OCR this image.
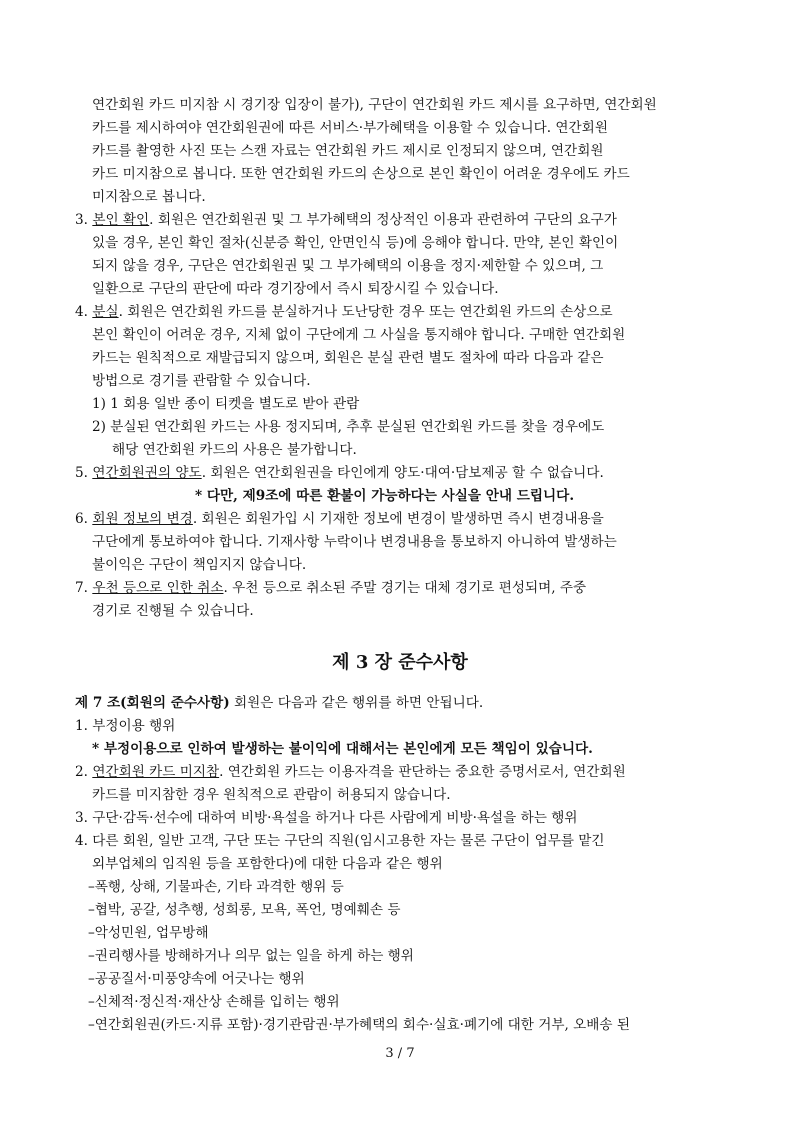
연간회원 카드 미지참 시 경기장 입장이 불가), 구단이 연간회원 카드 제시를 요구하면, 연간회원
카드를 제시하여야 연간회원권에 따른 서비스·부가혜택을 이용할 수 있습니다. 연간회원
카드를 촬영한 사진 또는 스캔 자료는 연간회원 카드 제시로 인정되지 않으며, 연간회원
카드 미지참으로 봅니다. 또한 연간회원 카드의 손상으로 본인 확인이 어려운 경우에도 카드
미지참으로 봅니다.
3. 본인 확인. 회원은 연간회원권 및 그 부가혜택의 정상적인 이용과 관련하여 구단의 요구가
있을 경우, 본인 확인 절차(신분증 확인, 안면인식 등)에 응해야 합니다. 만약, 본인 확인이
되지 않을 경우, 구단은 연간회원권 및 그 부가혜택의 이용을 정지·제한할 수 있으며, 그
일환으로 구단의 판단에 따라 경기장에서 즉시 퇴장시킬 수 있습니다.
4. 분실. 회원은 연간회원 카드를 분실하거나 도난당한 경우 또는 연간회원 카드의 손상으로
본인 확인이 어려운 경우, 지체 없이 구단에게 그 사실을 통지해야 합니다. 구매한 연간회원
카드는 원칙적으로 재발급되지 않으며, 회원은 분실 관련 별도 절차에 따라 다음과 같은
방법으로 경기를 관람할 수 있습니다.
1) 1 회용 일반 종이 티켓을 별도로 받아 관람
2) 분실된 연간회원 카드는 사용 정지되며, 추후 분실된 연간회원 카드를 찾을 경우에도
해당 연간회원 카드의 사용은 불가합니다.
5. 연간회원권의 양도. 회원은 연간회원권을 타인에게 양도·대여·담보제공 할 수 없습니다.
* 다만, 제9조에 따른 환불이 가능하다는 사실을 안내 드립니다.
6. 회원 정보의 변경. 회원은 회원가입 시 기재한 정보에 변경이 발생하면 즉시 변경내용을
구단에게 통보하여야 합니다. 기재사항 누락이나 변경내용을 통보하지 아니하여 발생하는
불이익은 구단이 책임지지 않습니다.
7. 우천 등으로 인한 취소. 우천 등으로 취소된 주말 경기는 대체 경기로 편성되며, 주중
경기로 진행될 수 있습니다.
제 3 장 준수사항
제 7 조(회원의 준수사항) 회원은 다음과 같은 행위를 하면 안됩니다.
1. 부정이용 행위
* 부정이용으로 인하여 발생하는 불이익에 대해서는 본인에게 모든 책임이 있습니다.
2. 연간회원 카드 미지참. 연간회원 카드는 이용자격을 판단하는 중요한 증명서로서, 연간회원
카드를 미지참한 경우 원칙적으로 관람이 허용되지 않습니다.
3. 구단·감독·선수에 대하여 비방·욕설을 하거나 다른 사람에게 비방·욕설을 하는 행위
4. 다른 회원, 일반 고객, 구단 또는 구단의 직원(임시고용한 자는 물론 구단이 업무를 맡긴
외부업체의 임직원 등을 포함한다)에 대한 다음과 같은 행위
–폭행, 상해, 기물파손, 기타 과격한 행위 등
–협박, 공갈, 성추행, 성희롱, 모욕, 폭언, 명예훼손 등
–악성민원, 업무방해
–권리행사를 방해하거나 의무 없는 일을 하게 하는 행위
–공공질서·미풍양속에 어긋나는 행위
–신체적·정신적·재산상 손해를 입히는 행위
–연간회원권(카드·지류 포함)·경기관람권·부가혜택의 회수·실효·폐기에 대한 거부, 오배송 된
3 / 7
